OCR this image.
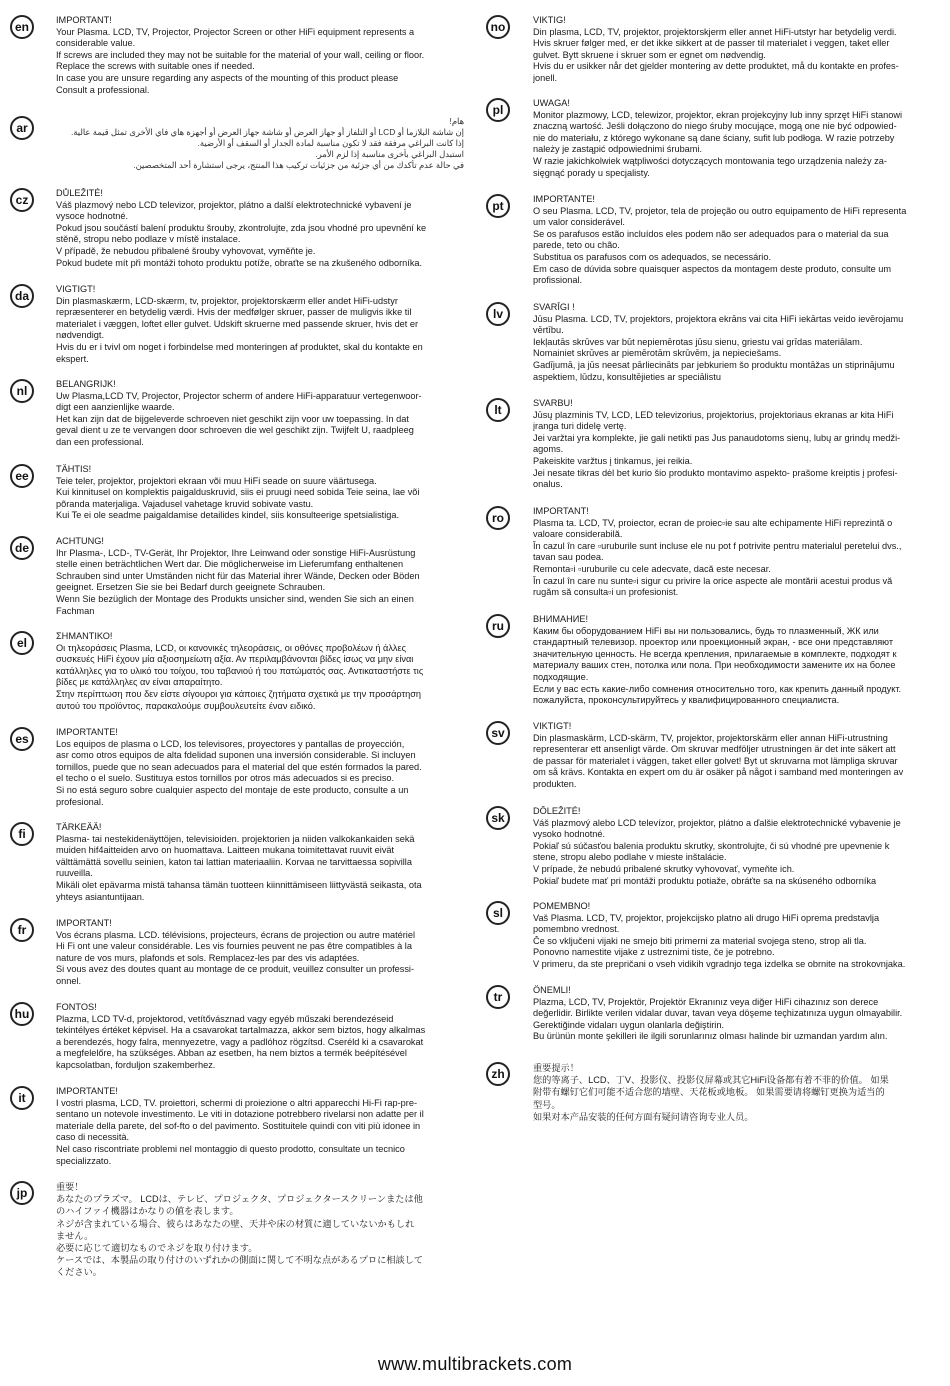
en	IMPORTANT!
Your Plasma. LCD, TV, Projector, Projector Screen or other HiFi equipment represents a
considerable value.
If screws are included they may not be suitable for the material of your wall, ceiling or floor.
Replace the screws with suitable ones if needed.
In case you are unsure regarding any aspects of the mounting of this product please
Consult a professional.
ar	هام!
إن شاشة البلازما أو LCD أو التلفاز أو جهاز العرض أو شاشة جهاز العرض أو أجهزة هاي فاي الأخرى تمثل قيمة عالية.
إذا كانت البراغي مرفقة فقد لا تكون مناسبة لمادة الجدار أو السقف أو الأرضية.
استبدل البراغي بأخرى مناسبة إذا لزم الأمر.
في حالة عدم تأكدك من أي جزئية من جزئيات تركيب هذا المنتج، يرجى استشارة أحد المتخصصين.
cz	DŮLEŽITÉ!
Váš plazmový nebo LCD televizor, projektor, plátno a další elektrotechnické vybavení je
vysoce hodnotné.
Pokud jsou součástí balení produktu šrouby, zkontrolujte, zda jsou vhodné pro upevnění ke
stěně, stropu nebo podlaze v místě instalace.
V případě, že nebudou přibalené šrouby vyhovovat, vyměňte je.
Pokud budete mít při montáži tohoto produktu potíže, obraťte se na zkušeného odborníka.
da	VIGTIGT!
Din plasmaskærm, LCD-skærm, tv, projektor, projektorskærm eller andet HiFi-udstyr
repræsenterer en betydelig værdi. Hvis der medfølger skruer, passer de muligvis ikke til
materialet i væggen, loftet eller gulvet. Udskift skruerne med passende skruer, hvis det er
nødvendigt.
Hvis du er i tvivl om noget i forbindelse med monteringen af produktet, skal du kontakte en
ekspert.
nl	BELANGRIJK!
Uw Plasma,LCD TV, Projector, Projector scherm of andere HiFi-apparatuur vertegenwoor-
digt een aanzienlijke waarde.
Het kan zijn dat de bijgeleverde schroeven niet geschikt zijn voor uw toepassing. In dat
geval dient u ze te vervangen door schroeven die wel geschikt zijn. Twijfelt U, raadpleeg
dan een professional.
ee	TÄHTIS!
Teie teler, projektor, projektori ekraan või muu HiFi seade on suure väärtusega.
Kui kinnitusel on komplektis paigalduskruvid, siis ei pruugi need sobida Teie seina, lae või
põranda materjaliga. Vajadusel vahetage kruvid sobivate vastu.
Kui Te ei ole seadme paigaldamise detailides kindel, siis konsulteerige spetsialistiga.
de	ACHTUNG!
Ihr Plasma-, LCD-, TV-Gerät, Ihr Projektor, Ihre Leinwand oder sonstige HiFi-Ausrüstung
stelle einen beträchtlichen Wert dar. Die möglicherweise im Lieferumfang enthaltenen
Schrauben sind unter Umständen nicht für das Material ihrer Wände, Decken oder Böden
geeignet. Ersetzen Sie sie bei Bedarf durch geeignete Schrauben.
Wenn Sie bezüglich der Montage des Produkts unsicher sind, wenden Sie sich an einen
Fachman
el	ΣΗΜΑΝΤΙΚΟ!
Οι τηλεοράσεις Plasma, LCD, οι κανονικές τηλεοράσεις, οι οθόνες προβολέων ή άλλες
συσκευές HiFi έχουν μία αξιοσημείωτη αξία. Αν περιλαμβάνονται βίδες ίσως να μην είναι
κατάλληλες για το υλικό του τοίχου, του ταβανιού ή του πατώματός σας. Αντικαταστήστε τις
βίδες με κατάλληλες αν είναι απαραίτητο.
Στην περίπτωση που δεν είστε σίγουροι για κάποιες ζητήματα σχετικά με την προσάρτηση
αυτού του προϊόντος, παρακαλούμε συμβουλευτείτε έναν ειδικό.
es	IMPORTANTE!
Los equipos de plasma o LCD, los televisores, proyectores y pantallas de proyección,
asr como otros equipos de alta fdelidad suponen una inversión considerable. Si incluyen
tornillos, puede que no sean adecuados para el material del que estén formados la pared.
el techo o el suelo. Sustituya estos tornillos por otros más adecuados si es preciso.
Si no está seguro sobre cualquier aspecto del montaje de este producto, consulte a un
profesional.
fi	TÄRKEÄÄ!
Plasma- tai nestekidenäyttöjen, televisioiden. projektorien ja niiden valkokankaiden sekä
muiden hif4aitteiden arvo on huomattava. Laitteen mukana toimitettavat ruuvit eivät
välttämättä sovellu seinien, katon tai lattian materiaaliin. Korvaa ne tarvittaessa sopivilla
ruuveilla.
Mikäli olet epävarma mistä tahansa tämän tuotteen kiinnittämiseen liittyvästä seikasta, ota
yhteys asiantuntijaan.
fr	IMPORTANT!
Vos écrans plasma. LCD. télévisions, projecteurs, écrans de projection ou autre matériel
Hi Fi ont une valeur considérable. Les vis fournies peuvent ne pas être compatibles à la
nature de vos murs, plafonds et sols. Remplacez-les par des vis adaptées.
Si vous avez des doutes quant au montage de ce produit, veuillez consulter un professi-
onnel.
hu	FONTOS!
Plazma, LCD TV-d, projektorod, vetítővásznad vagy egyéb műszaki berendezéseid
tekintélyes értéket képvisel. Ha a csavarokat tartalmazza, akkor sem biztos, hogy alkalmas
a berendezés, hogy falra, mennyezetre, vagy a padlóhoz rögzítsd. Cseréld ki a csavarokat
a megfelelőre, ha szükséges. Abban az esetben, ha nem biztos a termék beépítésével
kapcsolatban, forduljon szakemberhez.
it	IMPORTANTE!
I vostri plasma, LCD, TV. proiettori, schermi di proiezione o altri apparecchi Hi-Fi rap-pre-
sentano un notevole investimento. Le viti in dotazione potrebbero rivelarsi non adatte per il
materiale della parete, del sof-fto o del pavimento. Sostituitele quindi con viti più idonee in
caso di necessità.
Nel caso riscontriate problemi nel montaggio di questo prodotto, consultate un tecnico
specializzato.
jp	重要！
あなたのプラズマ。 LCDは、テレビ、プロジェクタ、プロジェクタースクリーンまたは他
のハイファイ機器はかなりの値を表します。
ネジが含まれている場合、彼らはあなたの壁、天井や床の材質に適していないかもしれ
ません。
必要に応じて適切なものでネジを取り付けます。
ケースでは、本製品の取り付けのいずれかの側面に関して不明な点があるプロに相談して
ください。
no	VIKTIG!
Din plasma, LCD, TV, projektor, projektorskjerm eller annet HiFi-utstyr har betydelig verdi.
Hvis skruer følger med, er det ikke sikkert at de passer til materialet i veggen, taket eller
gulvet. Bytt skruene i skruer som er egnet om nødvendig.
Hvis du er usikker når det gjelder montering av dette produktet, må du kontakte en profes-
jonell.
pl	UWAGA!
Monitor plazmowy, LCD, telewizor, projektor, ekran projekcyjny lub inny sprzęt HiFi stanowi
znaczną wartość. Jeśli dołączono do niego śruby mocujące, mogą one nie być odpowied-
nie do materiału, z którego wykonane są dane ściany, sufit lub podłoga. W razie potrzeby
należy je zastąpić odpowiednimi śrubami.
W razie jakichkolwiek wątpliwości dotyczących montowania tego urządzenia należy za-
sięgnąć porady u specjalisty.
pt	IMPORTANTE!
O seu Plasma. LCD, TV, projetor, tela de projeção ou outro equipamento de HiFi representa
um valor considerável.
Se os parafusos estão incluídos eles podem não ser adequados para o material da sua
parede, teto ou chão.
Substitua os parafusos com os adequados, se necessário.
Em caso de dúvida sobre quaisquer aspectos da montagem deste produto, consulte um
profissional.
lv	SVARĪGI !
Jūsu Plasma. LCD, TV, projektors, projektora ekrāns vai cita HiFi iekārtas veido ievērojamu
vērtību.
Iekļautās skrūves var būt nepiemērotas jūsu sienu, griestu vai grīdas materiālam.
Nomainiet skrūves ar piemērotām skrūvēm, ja nepieciešams.
Gadījumā, ja jūs neesat pārliecināts par jebkuriem šo produktu montāžas un stiprinājumu
aspektiem, lūdzu, konsultējieties ar speciālistu
lt	SVARBU!
Jūsų plazminis TV, LCD, LED televizorius, projektorius, projektoriaus ekranas ar kita HiFi
įranga turi didelę vertę.
Jei varžtai yra komplekte, jie gali netikti pas Jus panaudotoms sienų, lubų ar grindų medži-
agoms.
Pakeiskite varžtus į tinkamus, jei reikia.
Jei nesate tikras dėl bet kurio šio produkto montavimo aspekto- prašome kreiptis į profesi-
onalus.
ro	IMPORTANT!
Plasma ta. LCD, TV, proiector, ecran de proiec▫ie sau alte echipamente HiFi reprezintă o
valoare considerabilă.
În cazul în care ▫uruburile sunt incluse ele nu pot f potrivite pentru materialul peretelui dvs.,
tavan sau podea.
Remonta▫i ▫uruburile cu cele adecvate, dacă este necesar.
În cazul în care nu sunte▫i sigur cu privire la orice aspecte ale montării acestui produs vă
rugăm să consulta▫i un profesionist.
ru	ВНИМАНИЕ!
Каким бы оборудованием HiFi вы ни пользовались, будь то плазменный, ЖК или
стандартный телевизор. проектор или проекционный экран, - все они представляют
значительную ценность. Не всегда крепления, прилагаемые в комплекте, подходят к
материалу ваших стен, потолка или пола. При необходимости замените их на более
подходящие.
Если у вас есть какие-либо сомнения относительно того, как крепить данный продукт.
пожалуйста, проконсультируйтесь у квалифицированного специалиста.
sv	VIKTIGT!
Din plasmaskärm, LCD-skärm, TV, projektor, projektorskärm eller annan HiFi-utrustning
representerar ett ansenligt värde. Om skruvar medföljer utrustningen är det inte säkert att
de passar för materialet i väggen, taket eller golvet! Byt ut skruvarna mot lämpliga skruvar
om så krävs. Kontakta en expert om du är osäker på något i samband med monteringen av
produkten.
sk	DÔLEŽITÉ!
Váš plazmový alebo LCD televízor, projektor, plátno a ďalšie elektrotechnické vybavenie je
vysoko hodnotné.
Pokiaľ sú súčasťou balenia produktu skrutky, skontrolujte, či sú vhodné pre upevnenie k
stene, stropu alebo podlahe v mieste inštalácie.
V prípade, že nebudú pribalené skrutky vyhovovať, vymeňte ich.
Pokiaľ budete mať pri montáži produktu potiaže, obráťte sa na skúseného odborníka
sl	POMEMBNO!
Vaš Plasma. LCD, TV, projektor, projekcijsko platno ali drugo HiFi oprema predstavlja
pomembno vrednost.
Če so vključeni vijaki ne smejo biti primerni za material svojega steno, strop ali tla.
Ponovno namestite vijake z ustreznimi tiste, če je potrebno.
V primeru, da ste prepričani o vseh vidikih vgradnjo tega izdelka se obrnite na strokovnjaka.
tr	ÖNEMLI!
Plazma, LCD, TV, Projektör, Projektör Ekranınız veya diğer HiFi cihazınız son derece
değerlidir. Birlikte verilen vidalar duvar, tavan veya döşeme teçhizatınıza uygun olmayabilir.
Gerektiğinde vidaları uygun olanlarla değiştirin.
Bu ürünün monte şekilleri ile ilgili sorunlarınız olması halinde bir uzmandan yardım alın.
zh	重要提示！
您的等离子、LCD、丁V、投影仪、投影仪屏幕或其它HiFi设备都有着不菲的价值。 如果
附带有螺钉它们可能不适合您的墙壁、天花板或地板。 如果需要请将螺钉更换为适当的
型号。
如果对本产品安装的任何方面有疑问请咨询专业人员。
www.multibrackets.com
